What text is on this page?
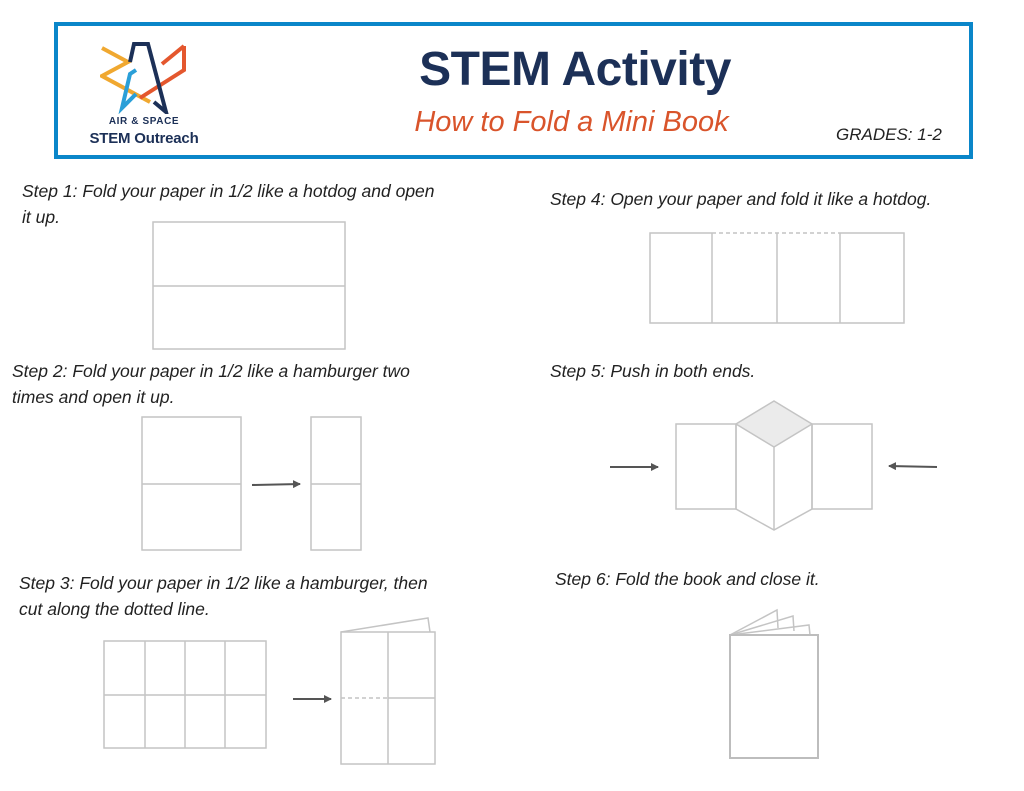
AIR & SPACE
STEM Outreach
STEM Activity
How to Fold a Mini Book	GRADES: 1-2
Step 1: Fold your paper in 1/2 like a hotdog and open
it up.
Step 2: Fold your paper in 1/2 like a hamburger two
times and open it up.
Step 3: Fold your paper in 1/2 like a hamburger, then
cut along the dotted line.
Step 4: Open your paper and fold it like a hotdog.
Step 5: Push in both ends.
Step 6: Fold the book and close it.
